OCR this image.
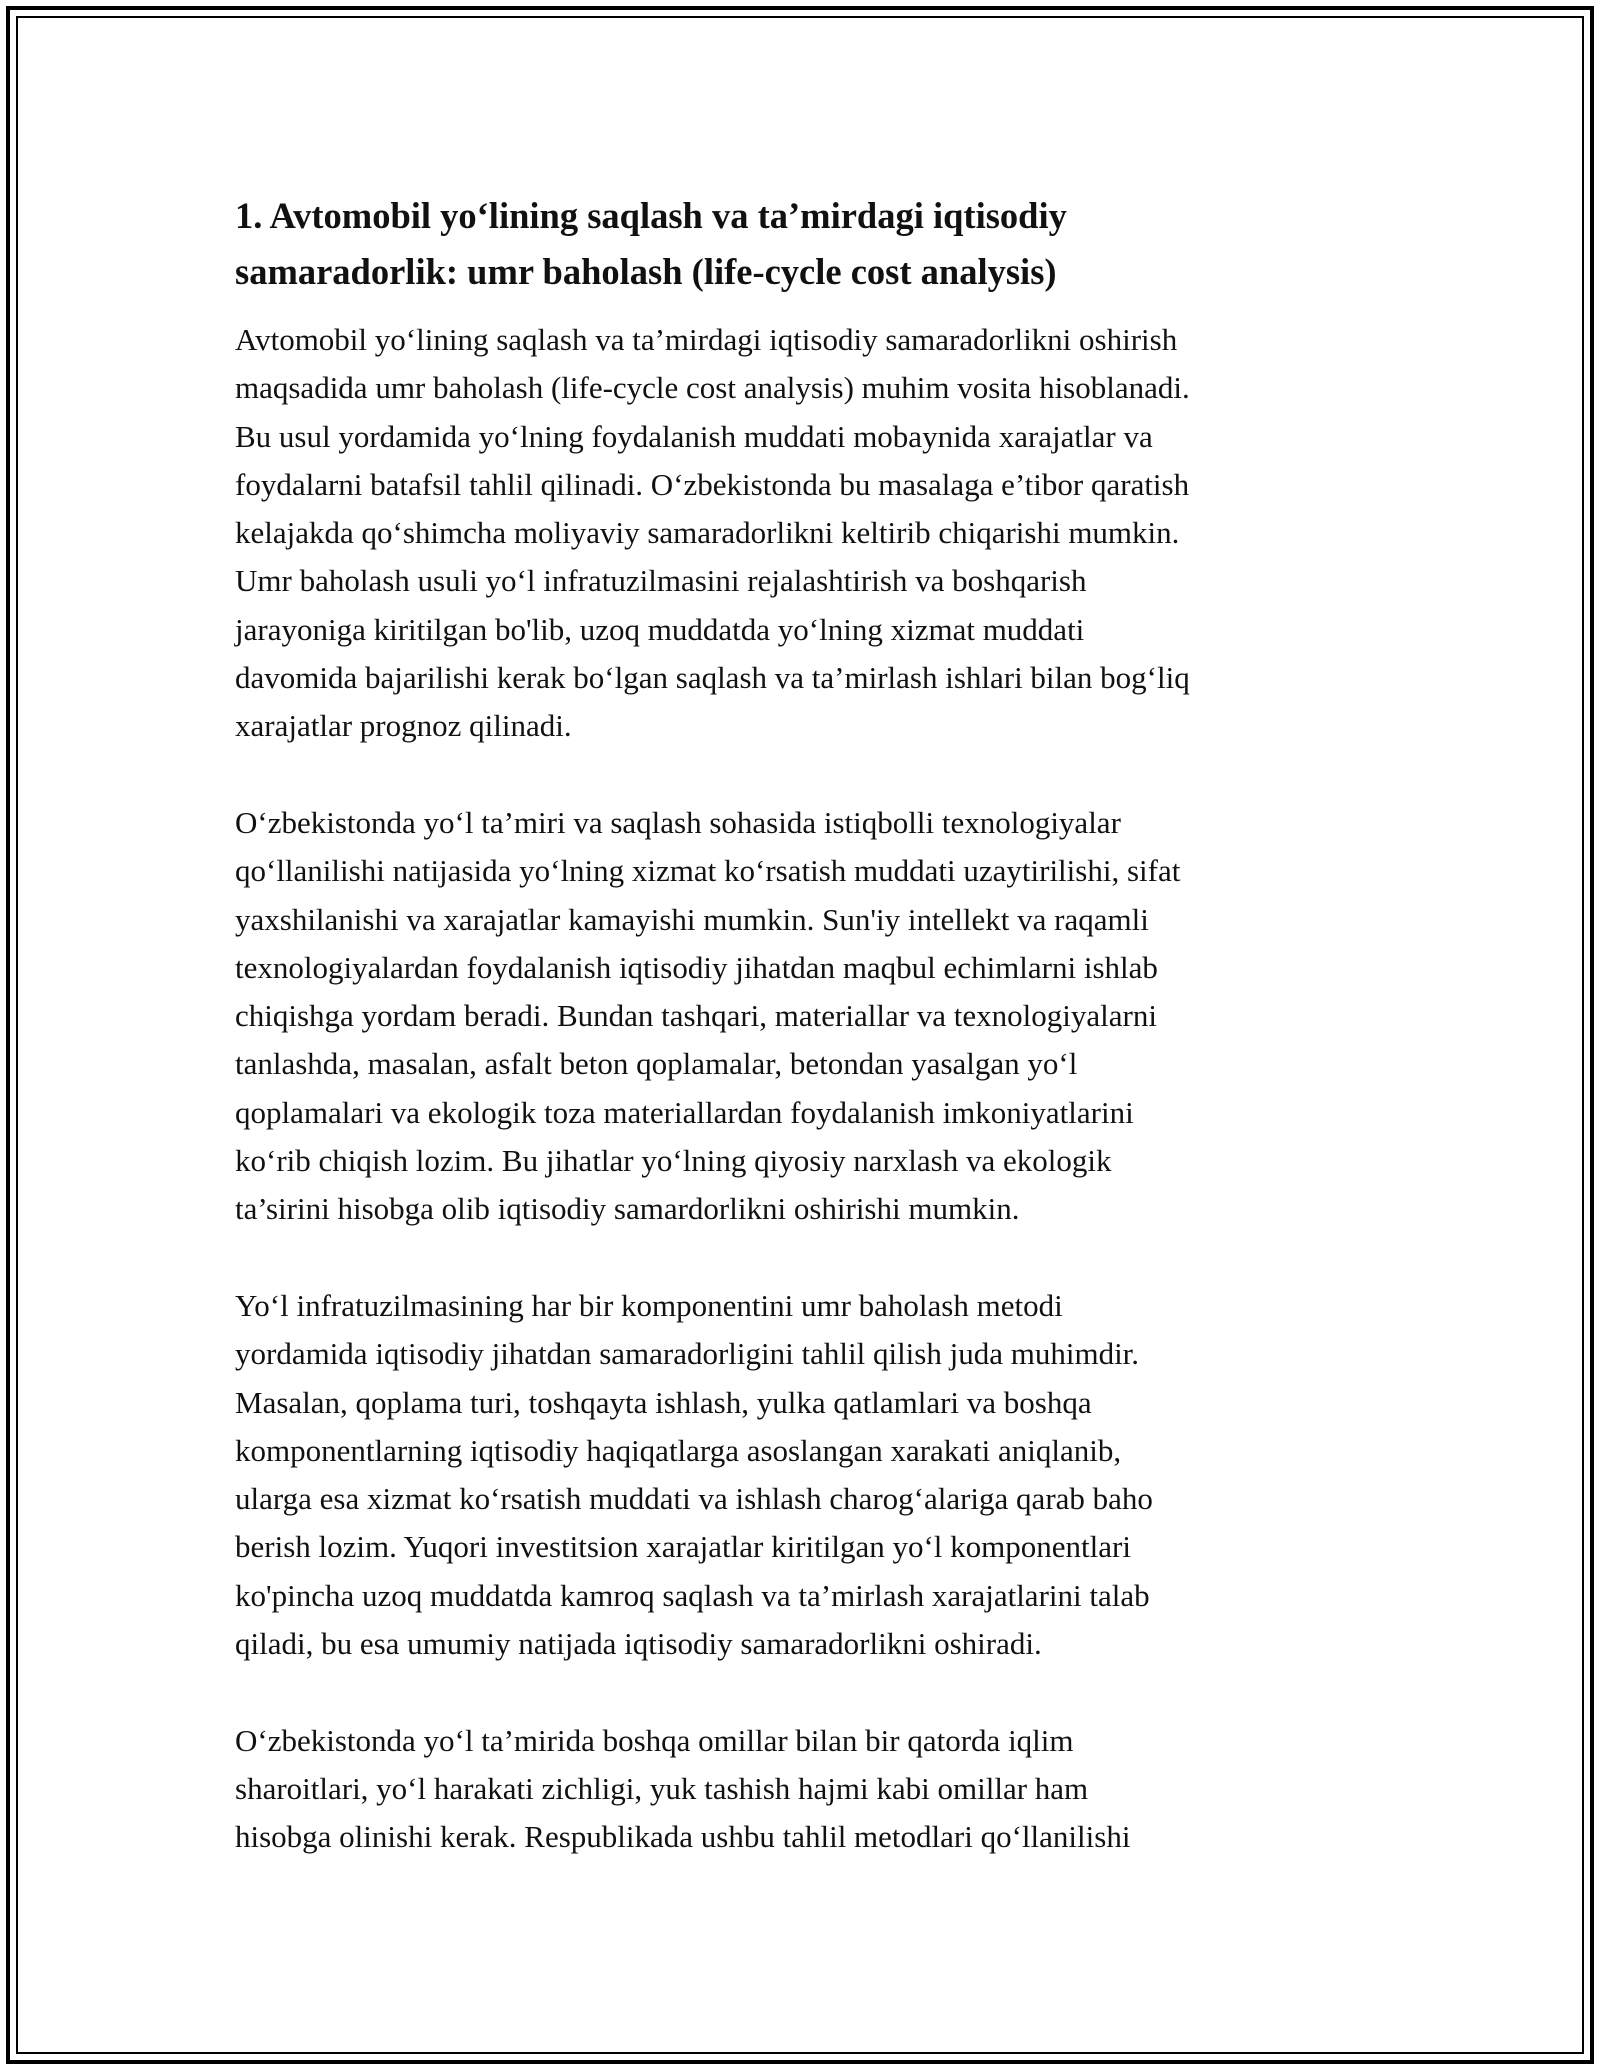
1. Avtomobil yo‘lining saqlash va ta’mirdagi iqtisodiy
samaradorlik: umr baholash (life-cycle cost analysis)

Avtomobil yo‘lining saqlash va ta’mirdagi iqtisodiy samaradorlikni oshirish
maqsadida umr baholash (life-cycle cost analysis) muhim vosita hisoblanadi.
Bu usul yordamida yo‘lning foydalanish muddati mobaynida xarajatlar va
foydalarni batafsil tahlil qilinadi. O‘zbekistonda bu masalaga e’tibor qaratish
kelajakda qo‘shimcha moliyaviy samaradorlikni keltirib chiqarishi mumkin.
Umr baholash usuli yo‘l infratuzilmasini rejalashtirish va boshqarish
jarayoniga kiritilgan bo'lib, uzoq muddatda yo‘lning xizmat muddati
davomida bajarilishi kerak bo‘lgan saqlash va ta’mirlash ishlari bilan bog‘liq
xarajatlar prognoz qilinadi.

O‘zbekistonda yo‘l ta’miri va saqlash sohasida istiqbolli texnologiyalar
qo‘llanilishi natijasida yo‘lning xizmat ko‘rsatish muddati uzaytirilishi, sifat
yaxshilanishi va xarajatlar kamayishi mumkin. Sun'iy intellekt va raqamli
texnologiyalardan foydalanish iqtisodiy jihatdan maqbul echimlarni ishlab
chiqishga yordam beradi. Bundan tashqari, materiallar va texnologiyalarni
tanlashda, masalan, asfalt beton qoplamalar, betondan yasalgan yo‘l
qoplamalari va ekologik toza materiallardan foydalanish imkoniyatlarini
ko‘rib chiqish lozim. Bu jihatlar yo‘lning qiyosiy narxlash va ekologik
ta’sirini hisobga olib iqtisodiy samardorlikni oshirishi mumkin.

Yo‘l infratuzilmasining har bir komponentini umr baholash metodi
yordamida iqtisodiy jihatdan samaradorligini tahlil qilish juda muhimdir.
Masalan, qoplama turi, toshqayta ishlash, yulka qatlamlari va boshqa
komponentlarning iqtisodiy haqiqatlarga asoslangan xarakati aniqlanib,
ularga esa xizmat ko‘rsatish muddati va ishlash charog‘alariga qarab baho
berish lozim. Yuqori investitsion xarajatlar kiritilgan yo‘l komponentlari
ko'pincha uzoq muddatda kamroq saqlash va ta’mirlash xarajatlarini talab
qiladi, bu esa umumiy natijada iqtisodiy samaradorlikni oshiradi.

O‘zbekistonda yo‘l ta’mirida boshqa omillar bilan bir qatorda iqlim
sharoitlari, yo‘l harakati zichligi, yuk tashish hajmi kabi omillar ham
hisobga olinishi kerak. Respublikada ushbu tahlil metodlari qo‘llanilishi
